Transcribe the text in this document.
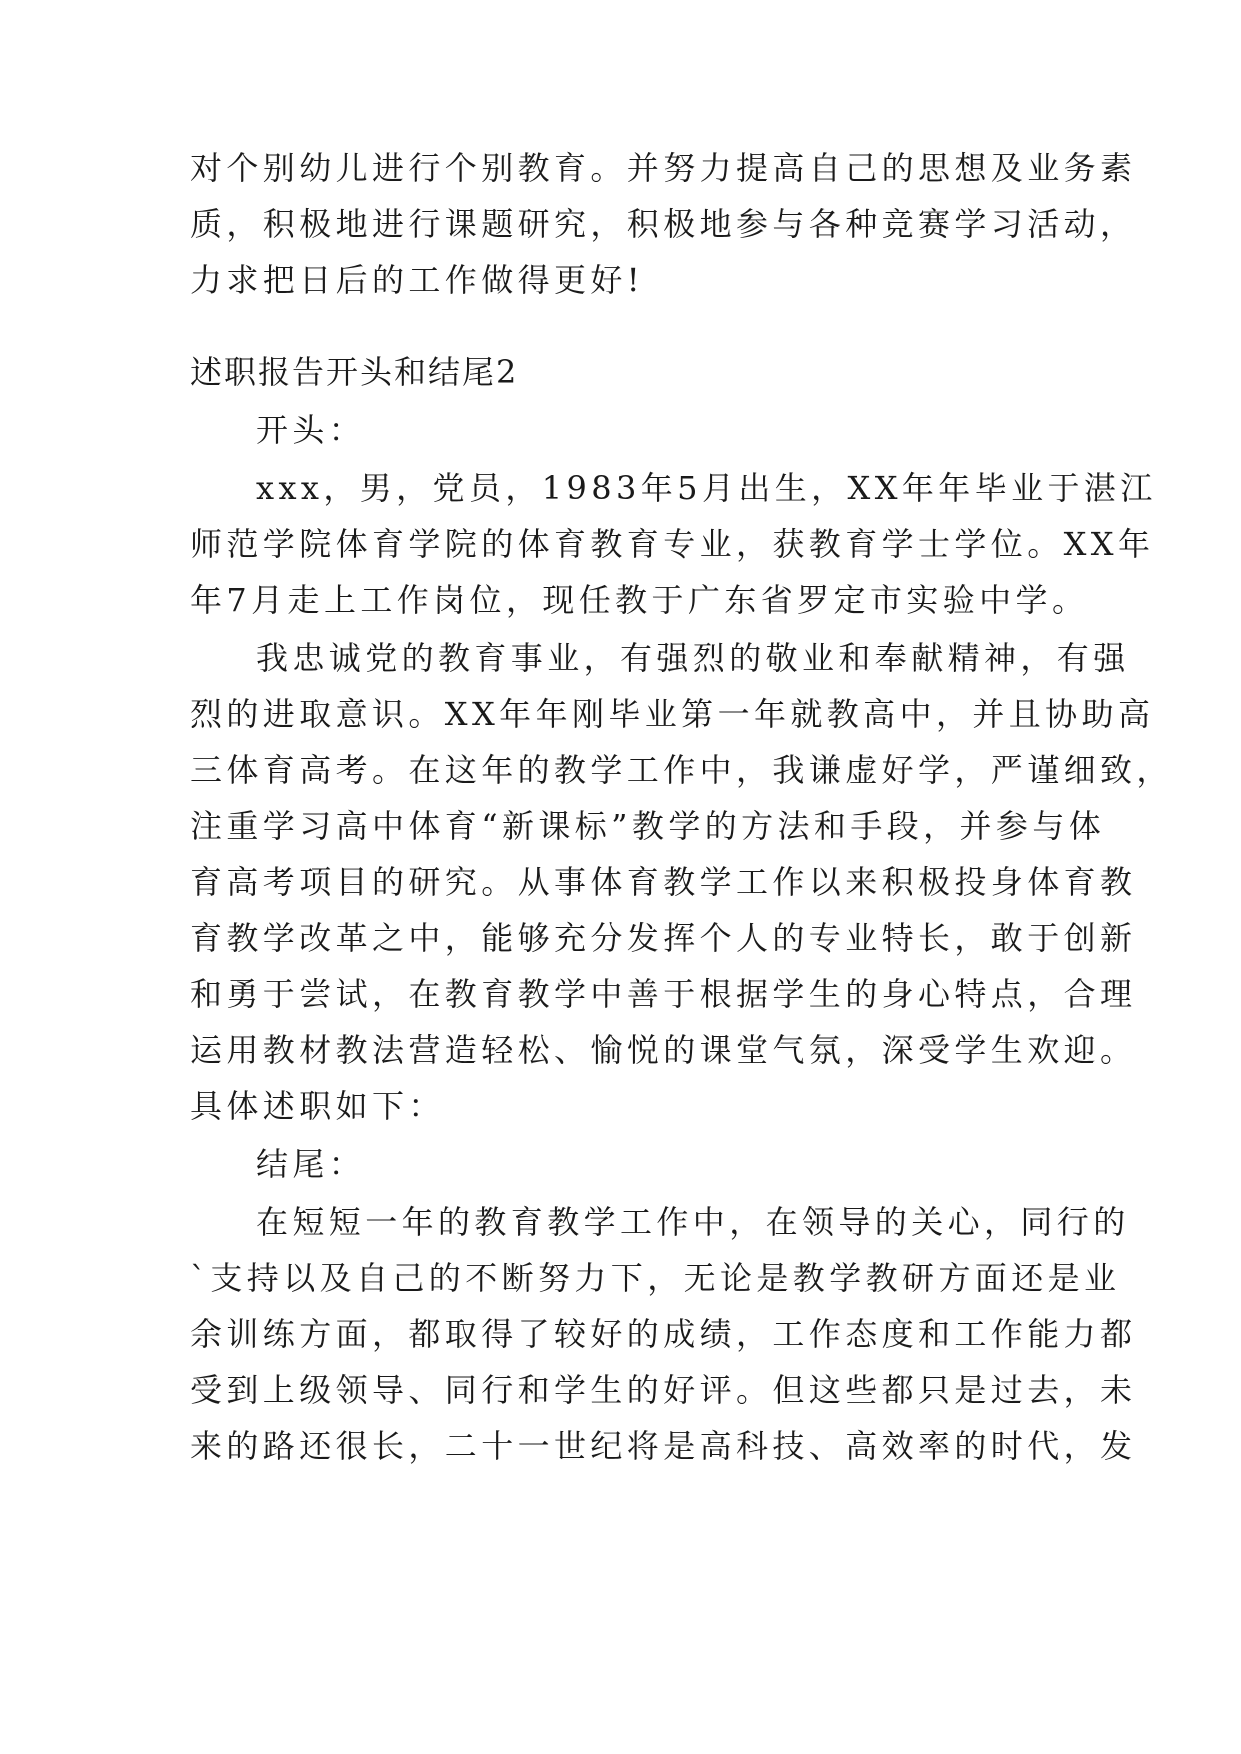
对个别幼儿进行个别教育。并努力提高自己的思想及业务素
质，积极地进行课题研究，积极地参与各种竞赛学习活动，
力求把日后的工作做得更好!
述职报告开头和结尾2
开头：
xxx，男，党员，1983年5月出生，XX年年毕业于湛江
师范学院体育学院的体育教育专业，获教育学士学位。XX年
年7月走上工作岗位，现任教于广东省罗定市实验中学。
我忠诚党的教育事业，有强烈的敬业和奉献精神，有强
烈的进取意识。XX年年刚毕业第一年就教高中，并且协助高
三体育高考。在这年的教学工作中，我谦虚好学，严谨细致，
注重学习高中体育“新课标”教学的方法和手段，并参与体
育高考项目的研究。从事体育教学工作以来积极投身体育教
育教学改革之中，能够充分发挥个人的专业特长，敢于创新
和勇于尝试，在教育教学中善于根据学生的身心特点，合理
运用教材教法营造轻松、愉悦的课堂气氛，深受学生欢迎。
具体述职如下：
结尾：
在短短一年的教育教学工作中，在领导的关心，同行的
`支持以及自己的不断努力下，无论是教学教研方面还是业
余训练方面，都取得了较好的成绩，工作态度和工作能力都
受到上级领导、同行和学生的好评。但这些都只是过去，未
来的路还很长，二十一世纪将是高科技、高效率的时代，发
